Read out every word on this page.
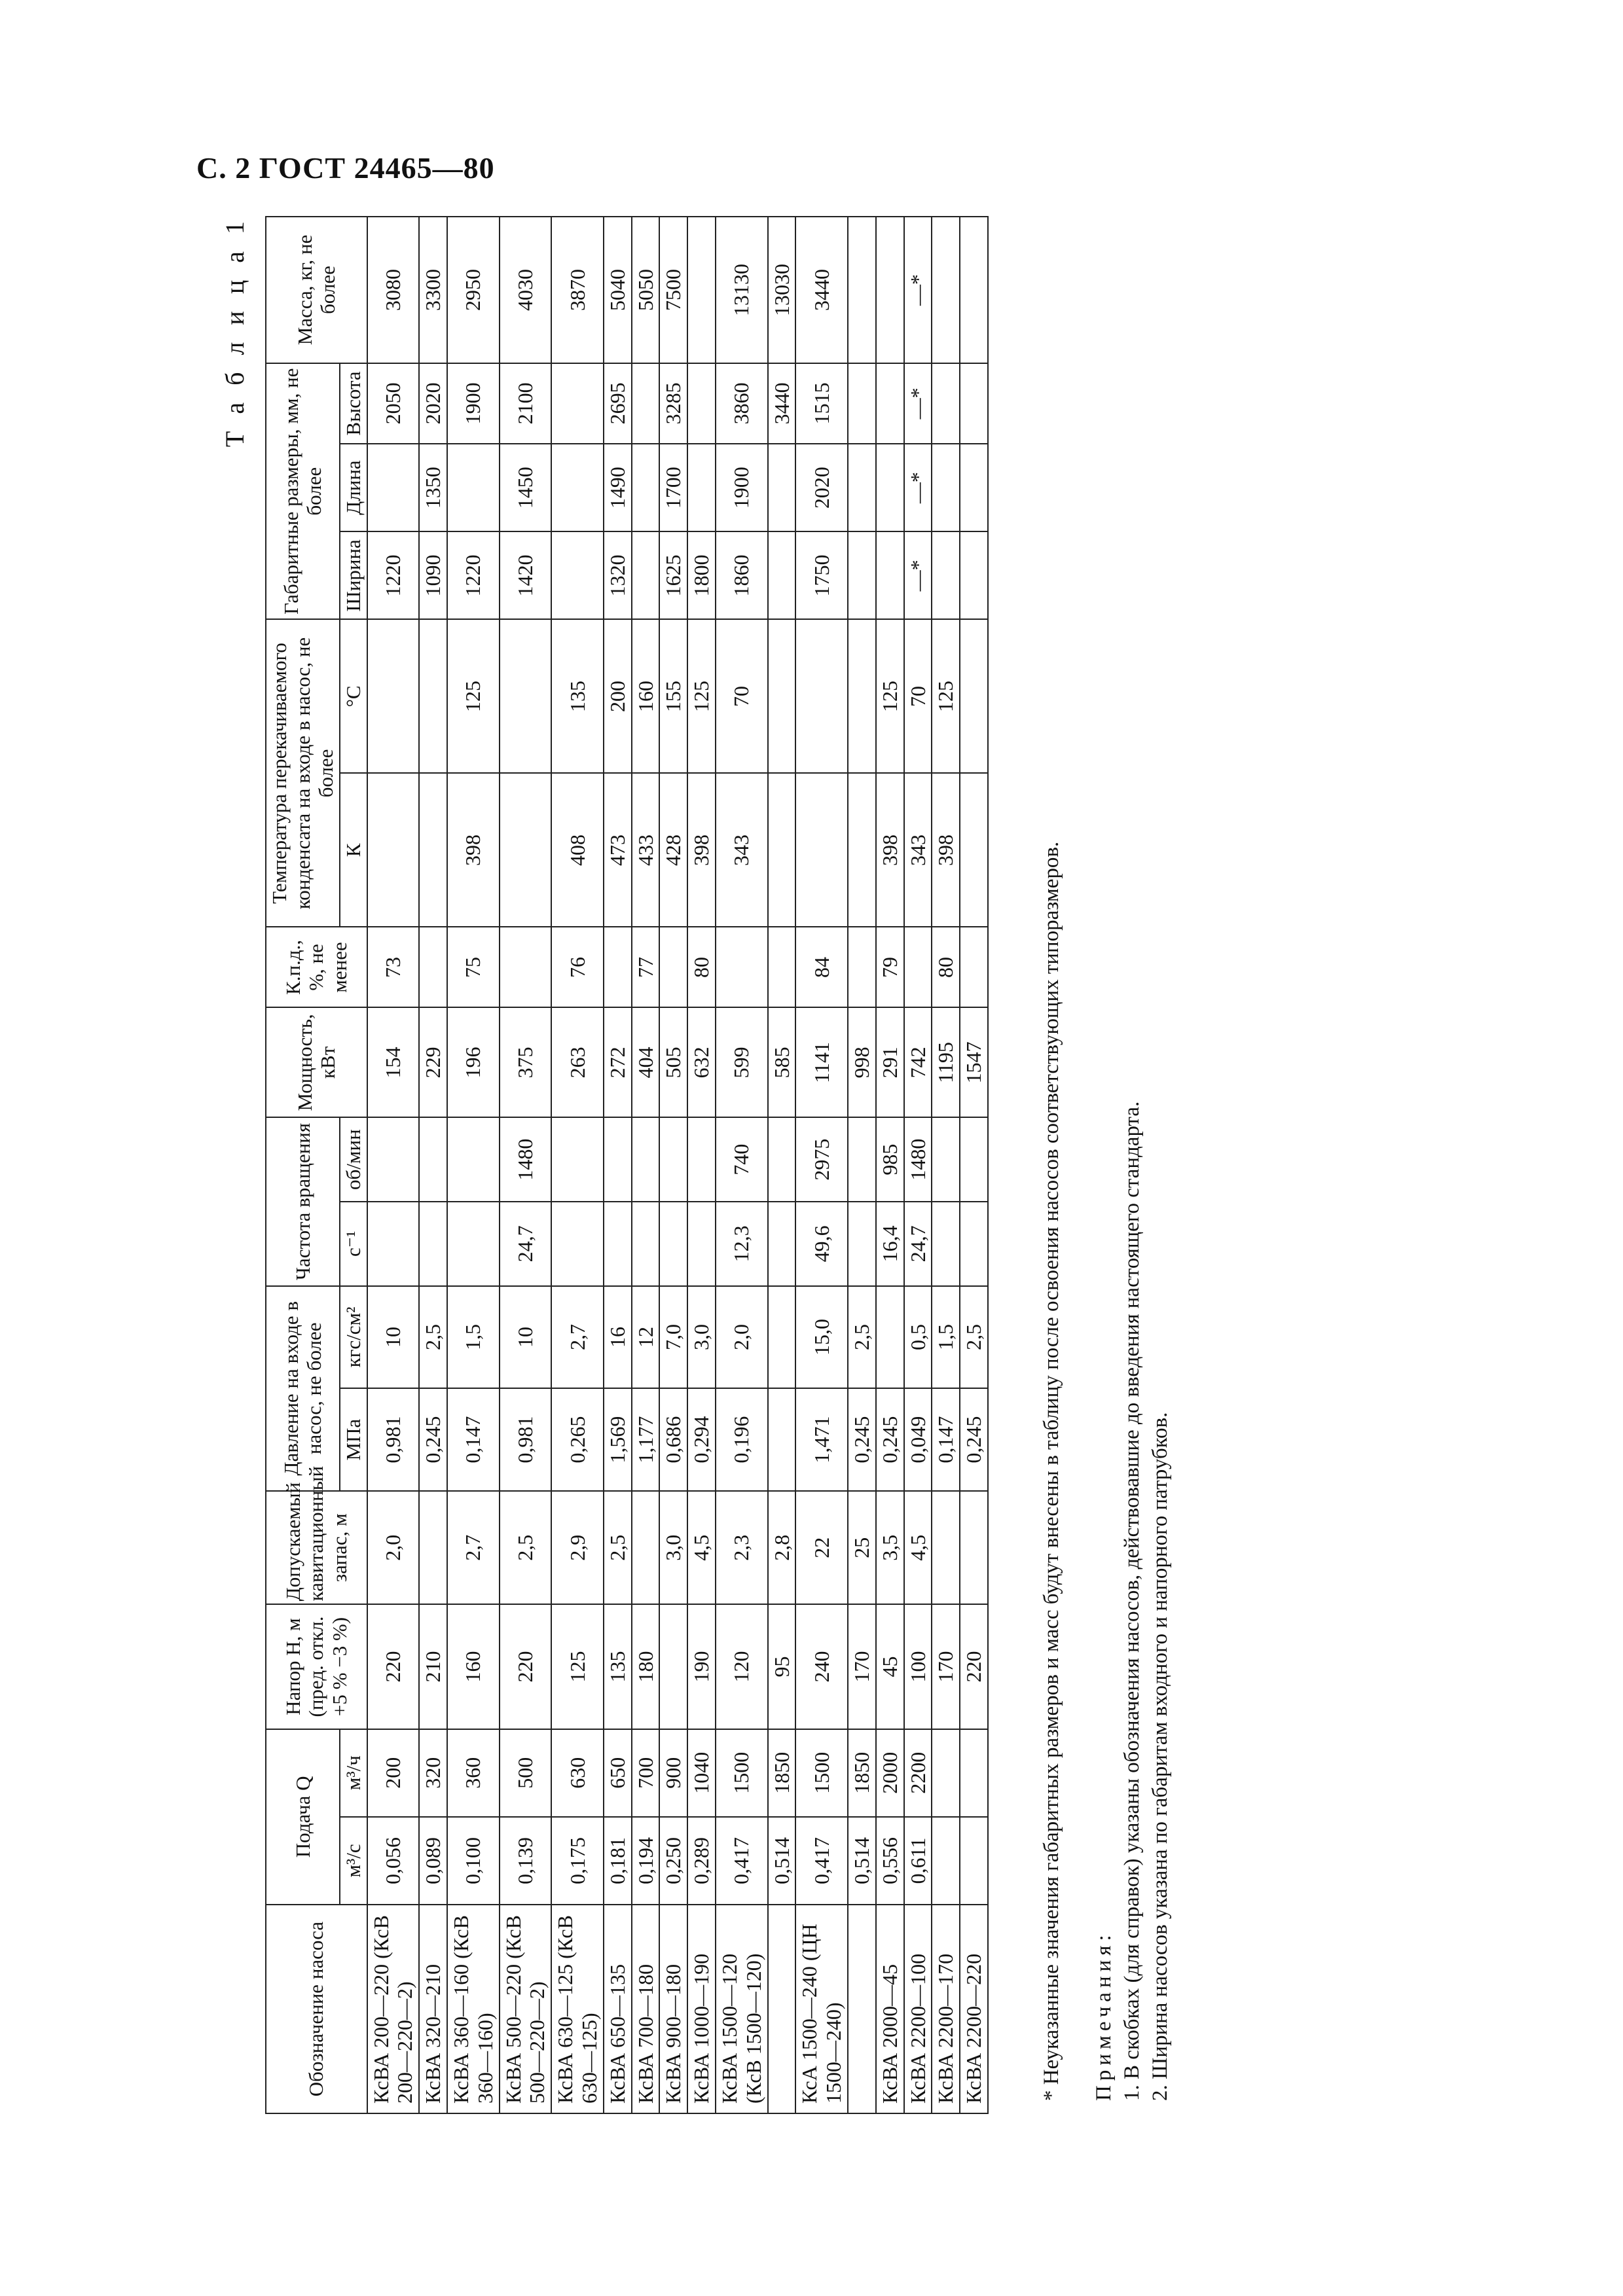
С. 2 ГОСТ 24465—80
Т а б л и ц а 1
Обозначение насоса	Подача Q		Напор H, м (пред. откл. +5 % −3 %)	Допускаемый кавитационный запас, м	Давление на входе в насос, не более		Частота вращения		Мощность, кВт	К.п.д., %, не менее	Температура перекачиваемого конденсата на входе в насос, не более		Габаритные размеры, мм, не более			Масса, кг, не более
	м³/с	м³/ч			МПа	кгс/см²	с⁻¹	об/мин			К	°С	Ширина	Длина	Высота	
КсВА 200—220 (КсВ 200—220—2)	0,056	200	220	2,0	0,981	10			154	73			1220		2050	3080
КсВА 320—210	0,089	320	210		0,245	2,5			229				1090	1350	2020	3300
КсВА 360—160 (КсВ 360—160)	0,100	360	160	2,7	0,147	1,5			196	75	398	125	1220		1900	2950
КсВА 500—220 (КсВ 500—220—2)	0,139	500	220	2,5	0,981	10	24,7	1480	375				1420	1450	2100	4030
КсВА 630—125 (КсВ 630—125)	0,175	630	125	2,9	0,265	2,7			263	76	408	135				3870
КсВА 650—135	0,181	650	135	2,5	1,569	16			272		473	200	1320	1490	2695	5040
КсВА 700—180	0,194	700	180		1,177	12			404	77	433	160				5050
КсВА 900—180	0,250	900		3,0	0,686	7,0			505		428	155	1625	1700	3285	7500
КсВА 1000—190	0,289	1040	190	4,5	0,294	3,0			632	80	398	125	1800			
КсВА 1500—120 (КсВ 1500—120)	0,417	1500	120	2,3	0,196	2,0	12,3	740	599		343	70	1860	1900	3860	13130
	0,514	1850	95	2,8					585						3440	13030
КсА 1500—240 (ЦН 1500—240)	0,417	1500	240	22	1,471	15,0	49,6	2975	1141	84			1750	2020	1515	3440
	0,514	1850	170	25	0,245	2,5			998							
КсВА 2000—45	0,556	2000	45	3,5	0,245		16,4	985	291	79	398	125				
КсВА 2200—100	0,611	2200	100	4,5	0,049	0,5	24,7	1480	742		343	70	—*	—*	—*	—*
КсВА 2200—170			170		0,147	1,5			1195	80	398	125				
КсВА 2200—220			220		0,245	2,5			1547								* Неуказанные значения габаритных размеров и масс будут внесены в таблицу после освоения насосов соответствующих типоразмеров. Примечания: 1. В скобках (для справок) указаны обозначения насосов, действовавшие до введения настоящего стандарта. 2. Ширина насосов указана по габаритам входного и напорного патрубков.
